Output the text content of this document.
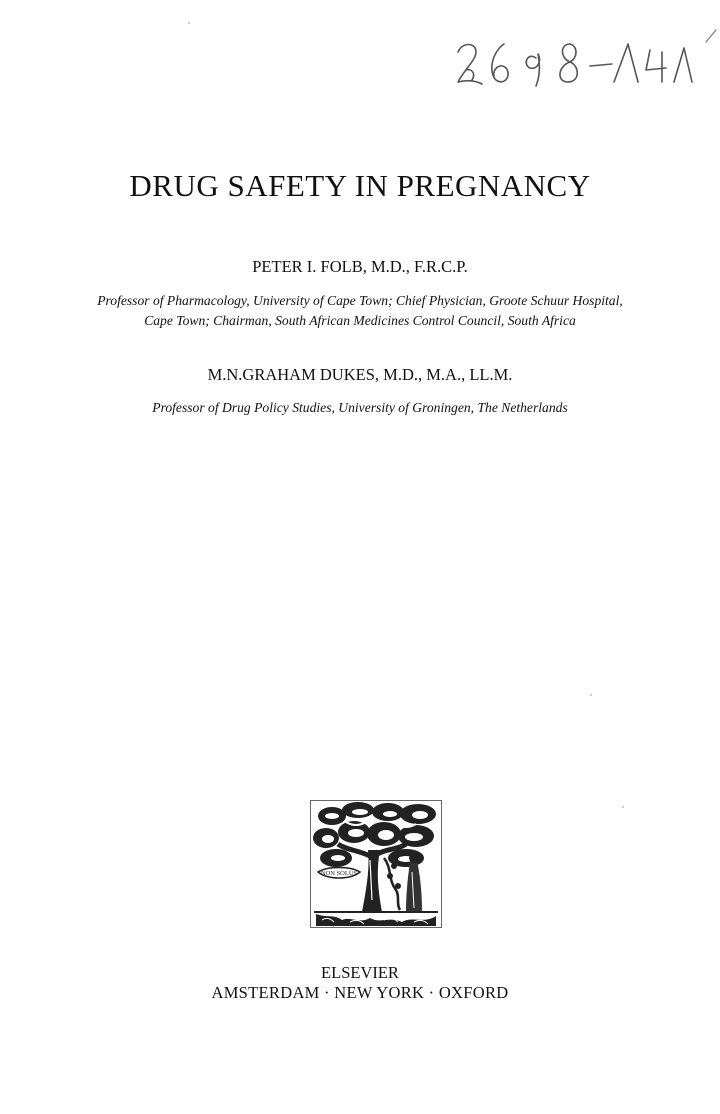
DRUG SAFETY IN PREGNANCY

PETER I. FOLB, M.D., F.R.C.P.

Professor of Pharmacology, University of Cape Town; Chief Physician, Groote Schuur Hospital,
Cape Town; Chairman, South African Medicines Control Council, South Africa

M.N.GRAHAM DUKES, M.D., M.A., LL.M.

Professor of Drug Policy Studies, University of Groningen, The Netherlands

NON SOLUS

ELSEVIER

AMSTERDAM · NEW YORK · OXFORD
